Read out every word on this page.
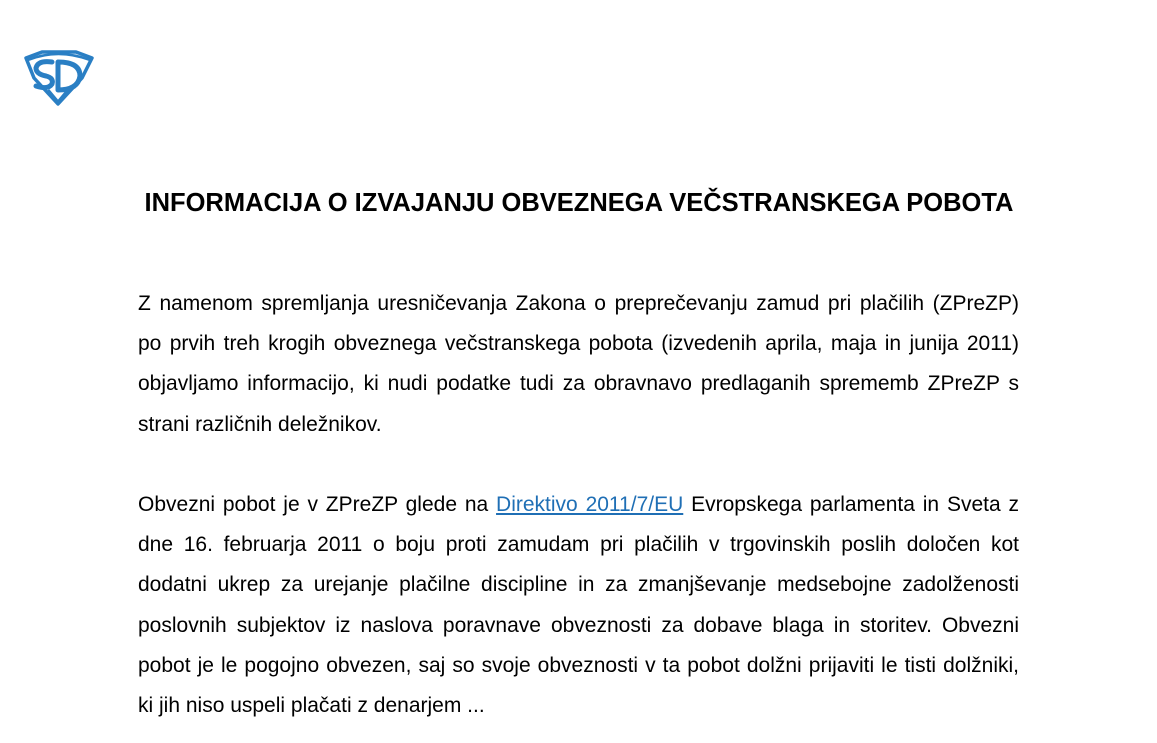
INFORMACIJA O IZVAJANJU OBVEZNEGA VEČSTRANSKEGA POBOTA

Z namenom spremljanja uresničevanja Zakona o preprečevanju zamud pri plačilih (ZPreZP) po prvih treh krogih obveznega večstranskega pobota (izvedenih aprila, maja in junija 2011) objavljamo informacijo, ki nudi podatke tudi za obravnavo predlaganih sprememb ZPreZP s strani različnih deležnikov.

Obvezni pobot je v ZPreZP glede na Direktivo 2011/7/EU Evropskega parlamenta in Sveta z dne 16. februarja 2011 o boju proti zamudam pri plačilih v trgovinskih poslih določen kot dodatni ukrep za urejanje plačilne discipline in za zmanjševanje medsebojne zadolženosti poslovnih subjektov iz naslova poravnave obveznosti za dobave blaga in storitev. Obvezni pobot je le pogojno obvezen, saj so svoje obveznosti v ta pobot dolžni prijaviti le tisti dolžniki, ki jih niso uspeli plačati z denarjem ...
